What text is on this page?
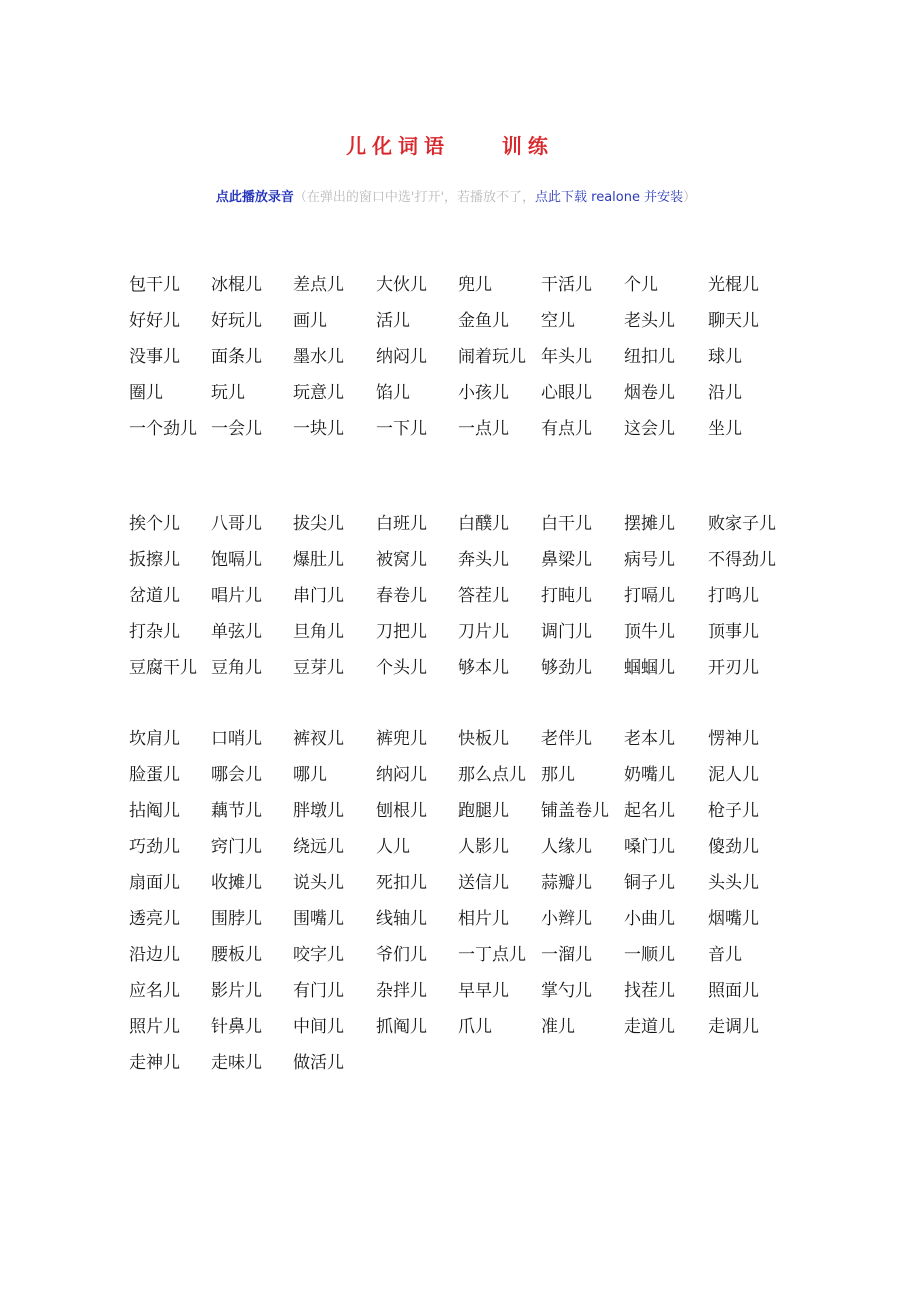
儿化词语    训练
点此播放录音（在弹出的窗口中选'打开'，若播放不了，点此下载 realone 并安装）
包干儿 冰棍儿 差点儿 大伙儿 兜儿	干活儿 个儿	光棍儿
好好儿 好玩儿 画儿	活儿	金鱼儿 空儿	老头儿 聊天儿
没事儿 面条儿 墨水儿 纳闷儿 闹着玩儿 年头儿 纽扣儿 球儿
圈儿	玩儿	玩意儿 馅儿	小孩儿 心眼儿 烟卷儿 沿儿
一个劲儿 一会儿 一块儿 一下儿 一点儿 有点儿 这会儿 坐儿
挨个儿 八哥儿 拔尖儿 白班儿 白醭儿 白干儿 摆摊儿 败家子儿
扳擦儿 饱嗝儿 爆肚儿 被窝儿 奔头儿 鼻梁儿 病号儿 不得劲儿
岔道儿 唱片儿 串门儿 春卷儿 答茬儿 打盹儿 打嗝儿 打鸣儿
打杂儿 单弦儿 旦角儿 刀把儿 刀片儿 调门儿 顶牛儿 顶事儿
豆腐干儿 豆角儿 豆芽儿 个头儿 够本儿 够劲儿 蝈蝈儿 开刃儿
坎肩儿 口哨儿 裤衩儿 裤兜儿 快板儿 老伴儿 老本儿 愣神儿
脸蛋儿 哪会儿 哪儿	纳闷儿 那么点儿 那儿	奶嘴儿 泥人儿
拈阄儿 藕节儿 胖墩儿 刨根儿 跑腿儿 铺盖卷儿 起名儿 枪子儿
巧劲儿 窍门儿 绕远儿 人儿	人影儿 人缘儿 嗓门儿 傻劲儿
扇面儿 收摊儿 说头儿 死扣儿 送信儿 蒜瓣儿 铜子儿 头头儿
透亮儿 围脖儿 围嘴儿 线轴儿 相片儿 小辫儿 小曲儿 烟嘴儿
沿边儿 腰板儿 咬字儿 爷们儿 一丁点儿 一溜儿 一顺儿 音儿
应名儿 影片儿 有门儿 杂拌儿 早早儿 掌勺儿 找茬儿 照面儿
照片儿 针鼻儿 中间儿 抓阄儿 爪儿	准儿	走道儿 走调儿
走神儿 走味儿 做活儿
